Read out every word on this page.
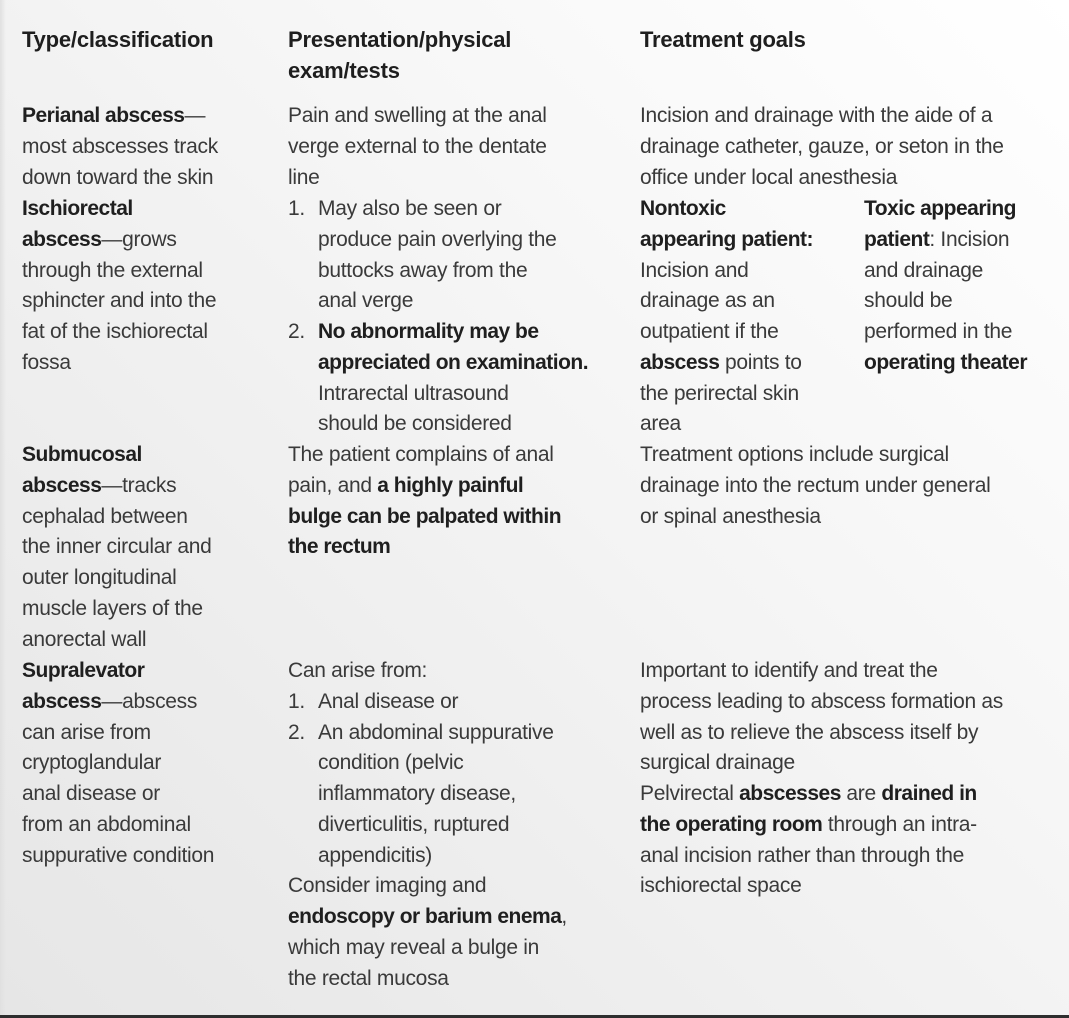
Type/classification	Presentation/physical
exam/tests
Treatment goals
Perianal abscess—
most abscesses track
down toward the skin
Pain and swelling at the anal
verge external to the dentate
line
Incision and drainage with the aide of a
drainage catheter, gauze, or seton in the
office under local anesthesia
Ischiorectal
abscess—grows
through the external
sphincter and into the
fat of the ischiorectal
fossa
1. May also be seen or
produce pain overlying the
buttocks away from the
anal verge
2. No abnormality may be
appreciated on examination.
Intrarectal ultrasound
should be considered
Nontoxic
appearing patient:
Incision and
drainage as an
outpatient if the
abscess points to
the perirectal skin
area
Toxic appearing
patient: Incision
and drainage
should be
performed in the
operating theater
Submucosal
abscess—tracks
cephalad between
the inner circular and
outer longitudinal
muscle layers of the
anorectal wall
The patient complains of anal
pain, and a highly painful
bulge can be palpated within
the rectum
Treatment options include surgical
drainage into the rectum under general
or spinal anesthesia
Supralevator
abscess—abscess
can arise from
cryptoglandular
anal disease or
from an abdominal
suppurative condition
Can arise from:
1. Anal disease or
2. An abdominal suppurative
condition (pelvic
inflammatory disease,
diverticulitis, ruptured
appendicitis)
Consider imaging and
endoscopy or barium enema,
which may reveal a bulge in
the rectal mucosa
Important to identify and treat the
process leading to abscess formation as
well as to relieve the abscess itself by
surgical drainage
Pelvirectal abscesses are drained in
the operating room through an intra-
anal incision rather than through the
ischiorectal space
